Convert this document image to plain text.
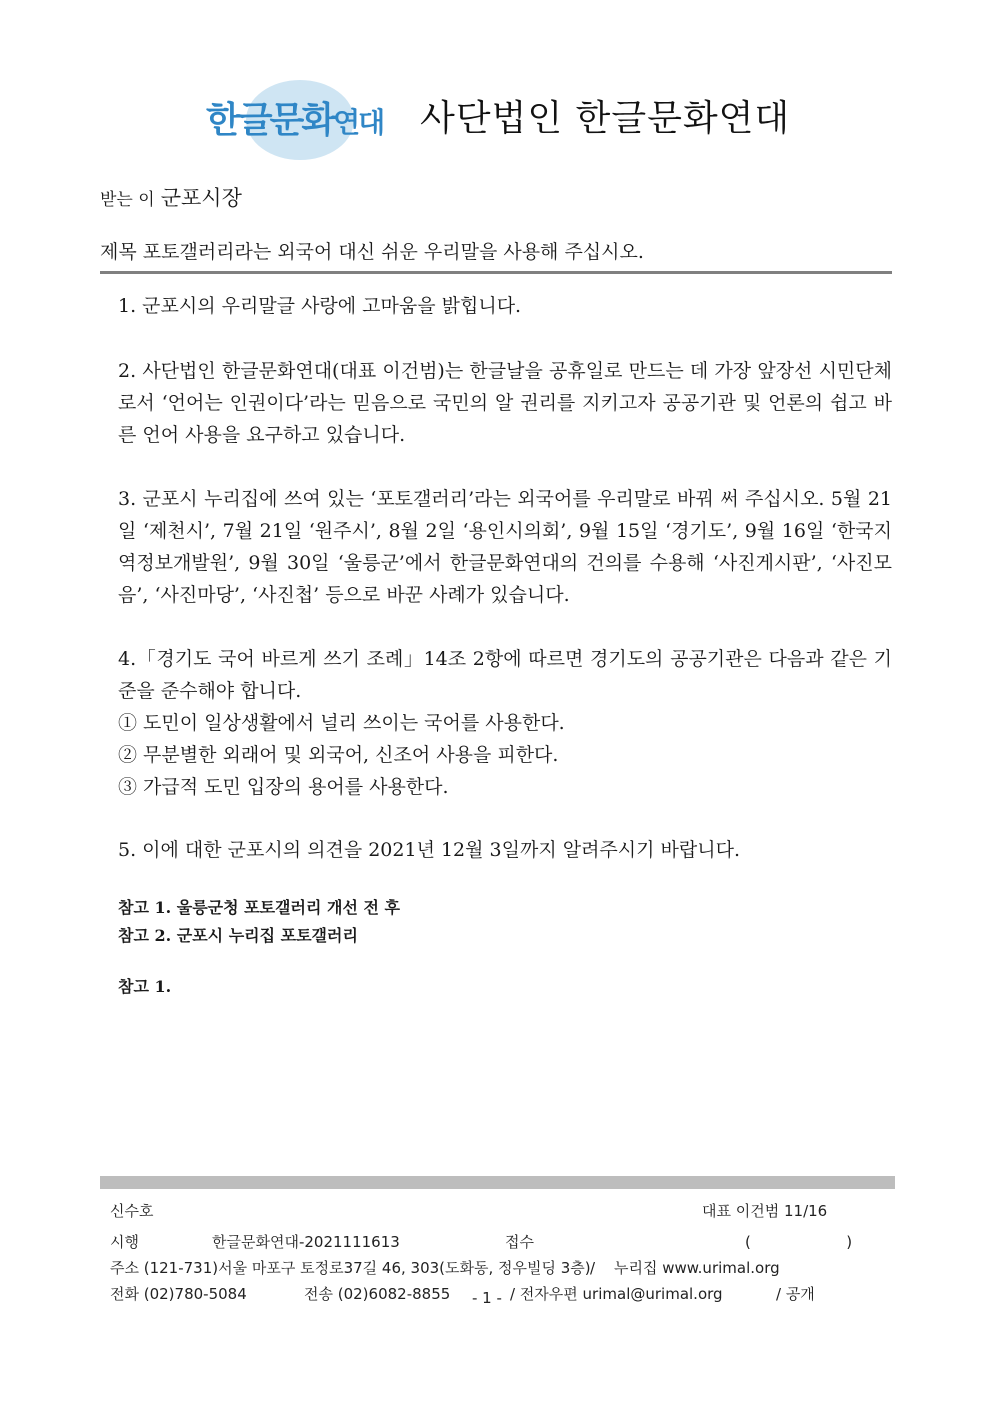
한글문화연대 사단법인 한글문화연대
받는 이 군포시장
제목 포토갤러리라는 외국어 대신 쉬운 우리말을 사용해 주십시오.

1. 군포시의 우리말글 사랑에 고마움을 밝힙니다.

2. 사단법인 한글문화연대(대표 이건범)는 한글날을 공휴일로 만드는 데 가장 앞장선 시민단체로서 ‘언어는 인권이다’라는 믿음으로 국민의 알 권리를 지키고자 공공기관 및 언론의 쉽고 바른 언어 사용을 요구하고 있습니다.

3. 군포시 누리집에 쓰여 있는 ‘포토갤러리’라는 외국어를 우리말로 바꿔 써 주십시오. 5월 21일 ‘제천시’, 7월 21일 ‘원주시’, 8월 2일 ‘용인시의회’, 9월 15일 ‘경기도’, 9월 16일 ‘한국지역정보개발원’, 9월 30일 ‘울릉군’에서 한글문화연대의 건의를 수용해 ‘사진게시판’, ‘사진모음’, ‘사진마당’, ‘사진첩’ 등으로 바꾼 사례가 있습니다.

4.「경기도 국어 바르게 쓰기 조례」14조 2항에 따르면 경기도의 공공기관은 다음과 같은 기준을 준수해야 합니다.

① 도민이 일상생활에서 널리 쓰이는 국어를 사용한다.

② 무분별한 외래어 및 외국어, 신조어 사용을 피한다.

③ 가급적 도민 입장의 용어를 사용한다.

5. 이에 대한 군포시의 의견을 2021년 12월 3일까지 알려주시기 바랍니다.

참고 1. 울릉군청 포토갤러리 개선 전 후
참고 2. 군포시 누리집 포토갤러리
참고 1.
신수호	대표 이건범 11/16
시행	한글문화연대-2021111613	접수	(                    )
주소 (121-731)서울 마포구 토정로37길 46, 303(도화동, 정우빌딩 3층) / 누리집 www.urimal.org
전화 (02)780-5084	전송 (02)6082-8855 - 1 - / 전자우편 urimal@urimal.org	/ 공개
